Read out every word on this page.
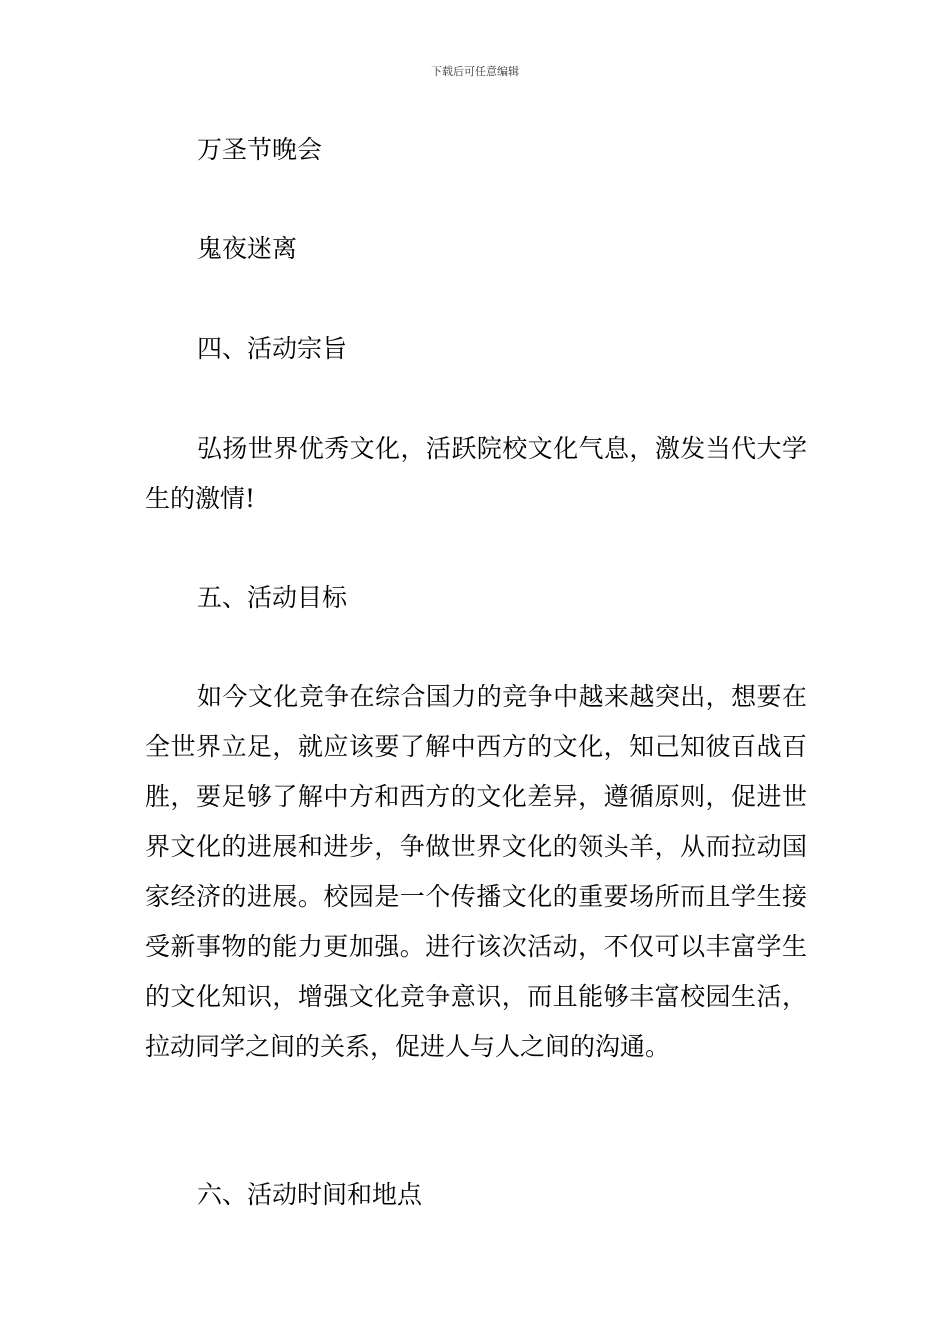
下载后可任意编辑

万圣节晚会

鬼夜迷离

四、活动宗旨

弘扬世界优秀文化，活跃院校文化气息，激发当代大学生的激情!

五、活动目标

如今文化竞争在综合国力的竞争中越来越突出，想要在全世界立足，就应该要了解中西方的文化，知己知彼百战百胜，要足够了解中方和西方的文化差异，遵循原则，促进世界文化的进展和进步，争做世界文化的领头羊，从而拉动国家经济的进展。校园是一个传播文化的重要场所而且学生接受新事物的能力更加强。进行该次活动，不仅可以丰富学生的文化知识，增强文化竞争意识，而且能够丰富校园生活，拉动同学之间的关系，促进人与人之间的沟通。

六、活动时间和地点
